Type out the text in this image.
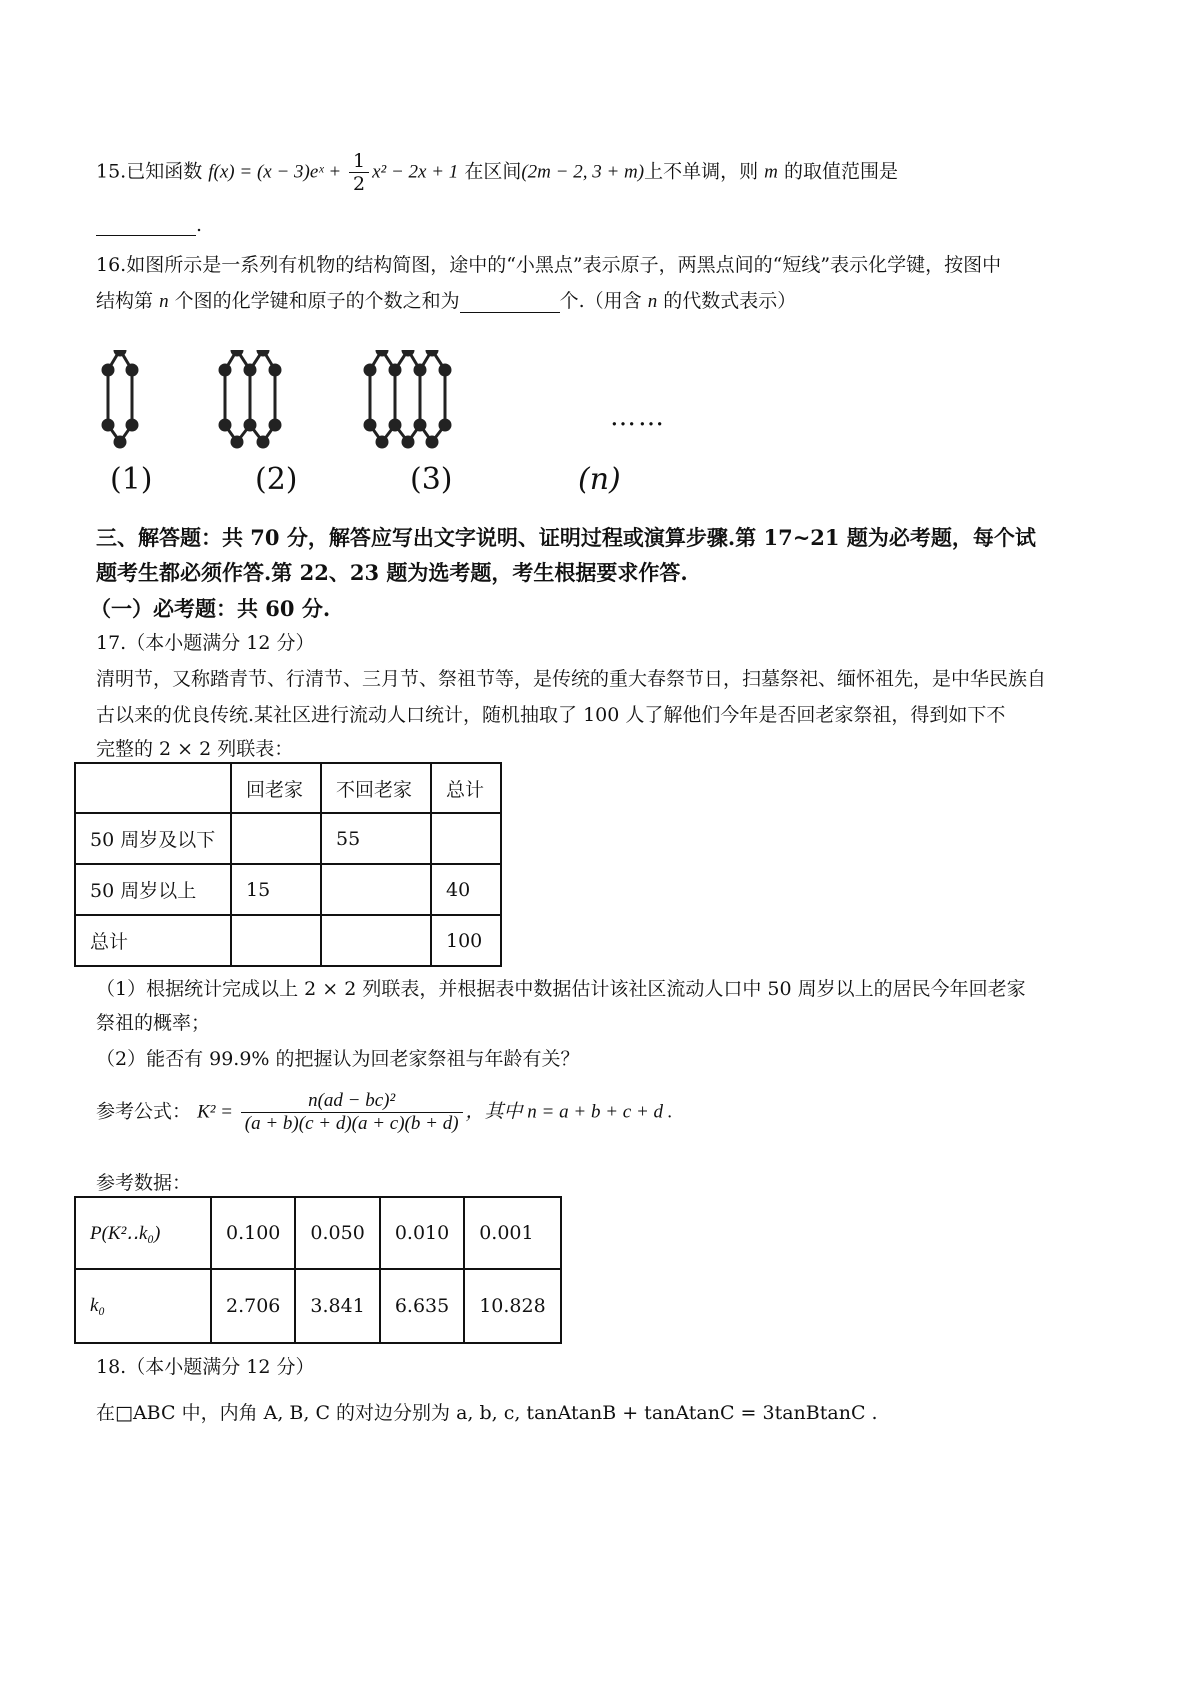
15.已知函数 f(x) = (x − 3)eˣ + $\frac{1}{2} x^2 - 2x + 1$ 在区间(2m − 2, 3 + m)上不单调，则 m 的取值范围是
.
16.如图所示是一系列有机物的结构简图，途中的“小黑点”表示原子，两黑点间的“短线”表示化学键，按图中
结构第 n 个图的化学键和原子的个数之和为	个.（用含 n 的代数式表示）
……
(1)	(2)	(3)	(n)
三、解答题：共 70 分，解答应写出文字说明、证明过程或演算步骤.第 17~21 题为必考题，每个试
题考生都必须作答.第 22、23 题为选考题，考生根据要求作答.
（一）必考题：共 60 分.
17.（本小题满分 12 分）
清明节，又称踏青节、行清节、三月节、祭祖节等，是传统的重大春祭节日，扫墓祭祀、缅怀祖先，是中华民族自
古以来的优良传统.某社区进行流动人口统计，随机抽取了 100 人了解他们今年是否回老家祭祖，得到如下不
完整的 2 × 2 列联表：
	回老家	不回老家	总计
50 周岁及以下		55	
50 周岁以上	15		40
总计			100
（1）根据统计完成以上 2 × 2 列联表，并根据表中数据估计该社区流动人口中 50 周岁以上的居民今年回老家
祭祖的概率；
（2）能否有 99.9% 的把握认为回老家祭祖与年龄有关？
参考公式： $K^2 = \frac{\text{n(ad − bc)²}}{(a + b)(c + d)(a + c)(b + d)}$ ，其中 n = a + b + c + d .
参考数据：
P(K²‥k₀)	0.100	0.050	0.010	0.001
k₀	2.706	3.841	6.635	10.828
18.（本小题满分 12 分）
在□ABC 中，内角 A, B, C 的对边分别为 a, b, c, tanAtanB + tanAtanC = 3tanBtanC .
